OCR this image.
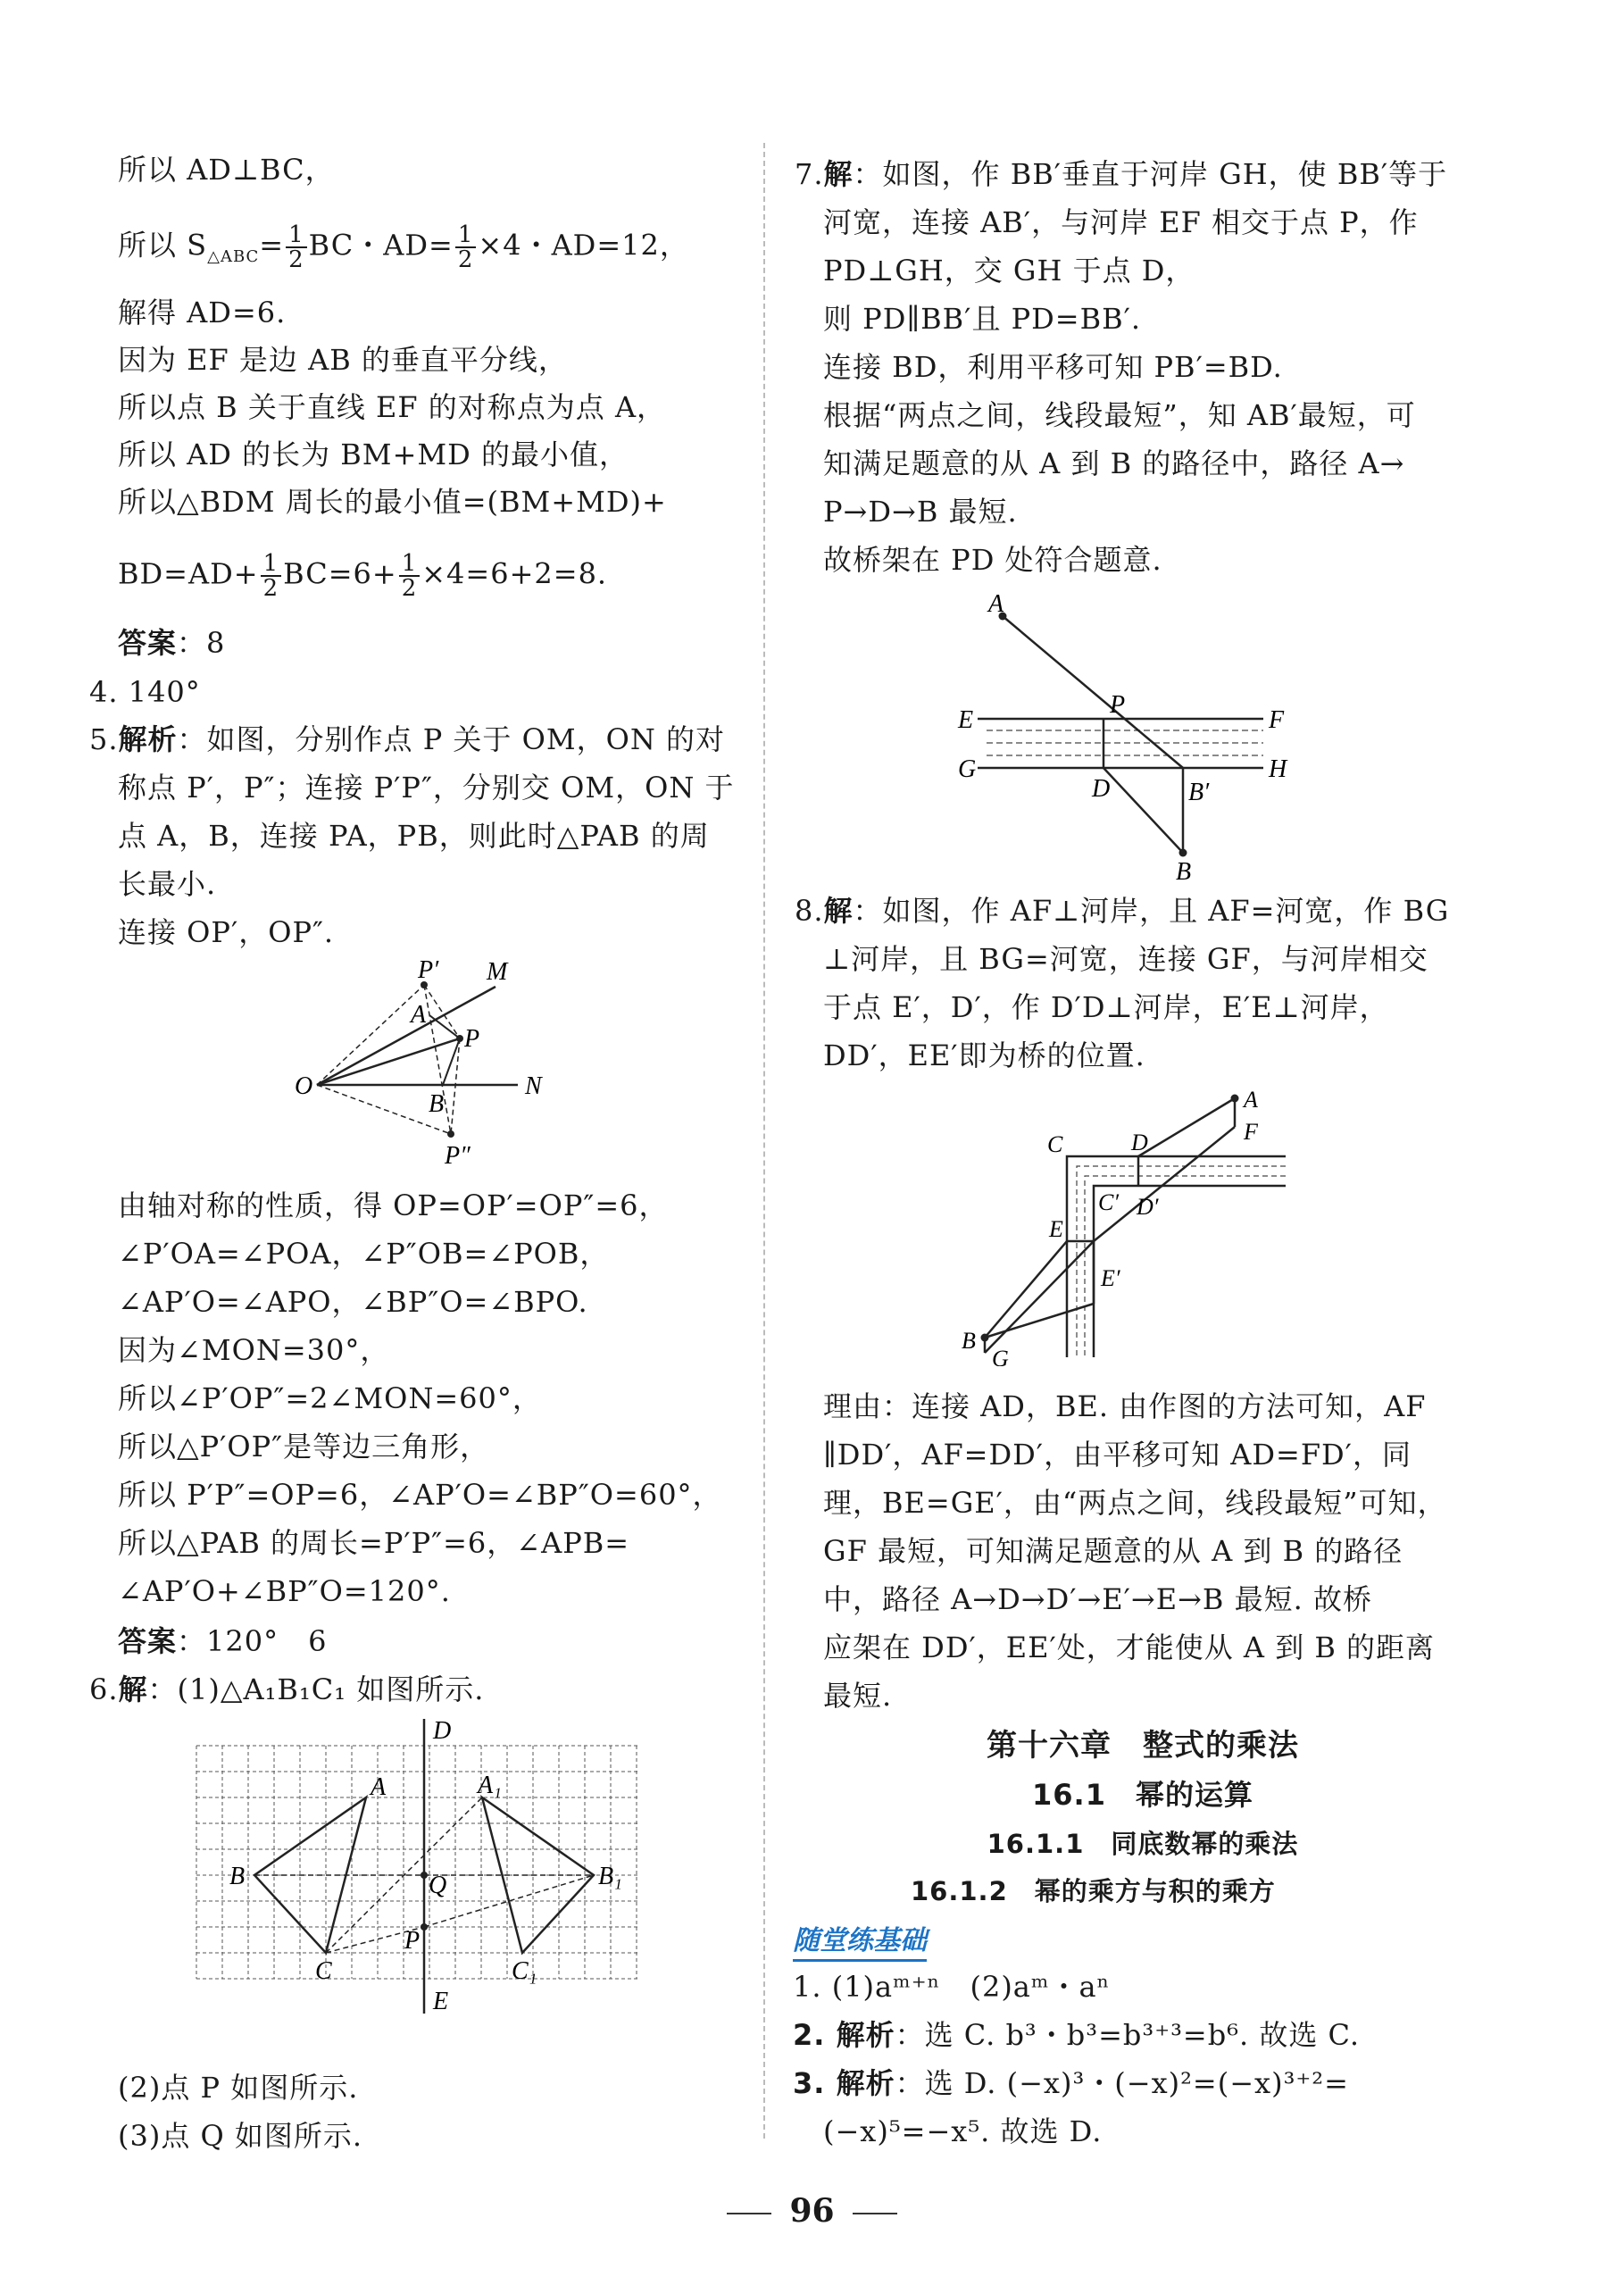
所以 AD⊥BC，
所以 $S_{\triangle ABC}= \frac{1}{2}$ BC・$AD= \frac{1}{2} \times 4$・AD=12，
解得 AD=6.
因为 EF 是边 AB 的垂直平分线，
所以点 B 关于直线 EF 的对称点为点 A，
所以 AD 的长为 BM+MD 的最小值，
所以△BDM 周长的最小值=(BM+MD)+
$BD=AD+ \frac{1}{2} BC=6+ \frac{1}{2} \times 4=6+2=8$.
答案：8
4. 140°
5.解析：如图，分别作点 P 关于 OM，ON 的对
称点 P′，P″；连接 P′P″，分别交 OM，ON 于
点 A，B，连接 PA，PB，则此时△PAB 的周
长最小.
连接 OP′，OP″.
P′ M
A
P
O
B
N
P″
由轴对称的性质，得 OP=OP′=OP″=6，
∠P′OA=∠POA，∠P″OB=∠POB，
∠AP′O=∠APO，∠BP″O=∠BPO.
因为∠MON=30°，
所以∠P′OP″=2∠MON=60°，
所以△P′OP″是等边三角形，
所以 P′P″=OP=6，∠AP′O=∠BP″O=60°，
所以△PAB 的周长=P′P″=6，∠APB=
∠AP′O+∠BP″O=120°.
答案：120°　6
6.解：(1)△A₁B₁C₁ 如图所示.
D
A	A₁
B	Q	B₁
P
C	C₁
E
(2)点 P 如图所示.
(3)点 Q 如图所示.
7.解：如图，作 BB′垂直于河岸 GH，使 BB′等于
河宽，连接 AB′，与河岸 EF 相交于点 P，作
PD⊥GH，交 GH 于点 D，
则 PD∥BB′且 PD=BB′.
连接 BD，利用平移可知 PB′=BD.
根据“两点之间，线段最短”，知 AB′最短，可
知满足题意的从 A 到 B 的路径中，路径 A→
P→D→B 最短.
故桥架在 PD 处符合题意.
A
E
P
F
G
D	B′
H
B
8.解：如图，作 AF⊥河岸，且 AF=河宽，作 BG
⊥河岸，且 BG=河宽，连接 GF，与河岸相交
于点 E′，D′，作 D′D⊥河岸，E′E⊥河岸，
DD′，EE′即为桥的位置.
A
F
C	D
C′ D′
E
E′
B
G
理由：连接 AD，BE. 由作图的方法可知，AF
∥DD′，AF=DD′，由平移可知 AD=FD′，同
理，BE=GE′，由“两点之间，线段最短”可知，
GF 最短，可知满足题意的从 A 到 B 的路径
中，路径 A→D→D′→E′→E→B 最短. 故桥
应架在 DD′，EE′处，才能使从 A 到 B 的距离
最短.
第十六章　整式的乘法
16.1　幂的运算
16.1.1　同底数幂的乘法
16.1.2　幂的乘方与积的乘方
随堂练基础
1. (1)aᵐ⁺ⁿ　(2)aᵐ・aⁿ
2. 解析：选 C. b³・b³=b³⁺³=b⁶. 故选 C.
3. 解析：选 D. (−x)³・(−x)²=(−x)³⁺²=
(−x)⁵=−x⁵. 故选 D.
96
